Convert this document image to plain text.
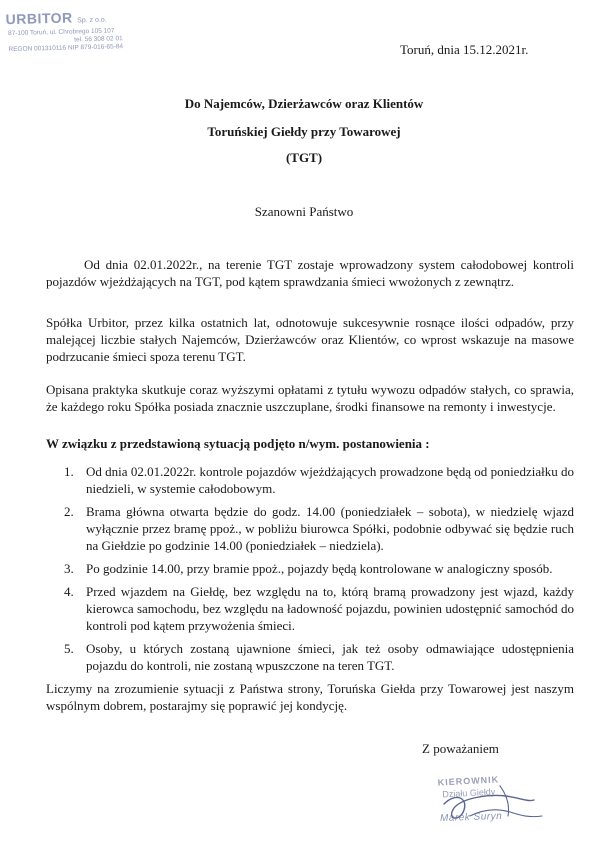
URBITOR Sp. z o.o.
87-100 Toruń, ul. Chrobrego 105 107
tel. 56 308 02 01
REGON 001310116 NIP 879-016-65-84	Toruń, dnia 15.12.2021r.
Do Najemców, Dzierżawców oraz Klientów
Toruńskiej Giełdy przy Towarowej
(TGT)
Szanowni Państwo
Od dnia 02.01.2022r., na terenie TGT zostaje wprowadzony system całodobowej kontroli pojazdów wjeżdżających na TGT, pod kątem sprawdzania śmieci wwożonych z zewnątrz.
Spółka Urbitor, przez kilka ostatnich lat, odnotowuje sukcesywnie rosnące ilości odpadów, przy malejącej liczbie stałych Najemców, Dzierżawców oraz Klientów, co wprost wskazuje na masowe podrzucanie śmieci spoza terenu TGT.
Opisana praktyka skutkuje coraz wyższymi opłatami z tytułu wywozu odpadów stałych, co sprawia, że każdego roku Spółka posiada znacznie uszczuplane, środki finansowe na remonty i inwestycje.
W związku z przedstawioną sytuacją podjęto n/wym. postanowienia :
1. Od dnia 02.01.2022r. kontrole pojazdów wjeżdżających prowadzone będą od poniedziałku do niedzieli, w systemie całodobowym.
2. Brama główna otwarta będzie do godz. 14.00 (poniedziałek – sobota), w niedzielę wjazd wyłącznie przez bramę ppoż., w pobliżu biurowca Spółki, podobnie odbywać się będzie ruch na Giełdzie po godzinie 14.00 (poniedziałek – niedziela).
3. Po godzinie 14.00, przy bramie ppoż., pojazdy będą kontrolowane w analogiczny sposób.
4. Przed wjazdem na Giełdę, bez względu na to, którą bramą prowadzony jest wjazd, każdy kierowca samochodu, bez względu na ładowność pojazdu, powinien udostępnić samochód do kontroli pod kątem przywożenia śmieci.
5. Osoby, u których zostaną ujawnione śmieci, jak też osoby odmawiające udostępnienia pojazdu do kontroli, nie zostaną wpuszczone na teren TGT.
Liczymy na zrozumienie sytuacji z Państwa strony, Toruńska Giełda przy Towarowej jest naszym wspólnym dobrem, postarajmy się poprawić jej kondycję.
Z poważaniem
KIEROWNIK
Działu Giełdy
Marek Suryn
